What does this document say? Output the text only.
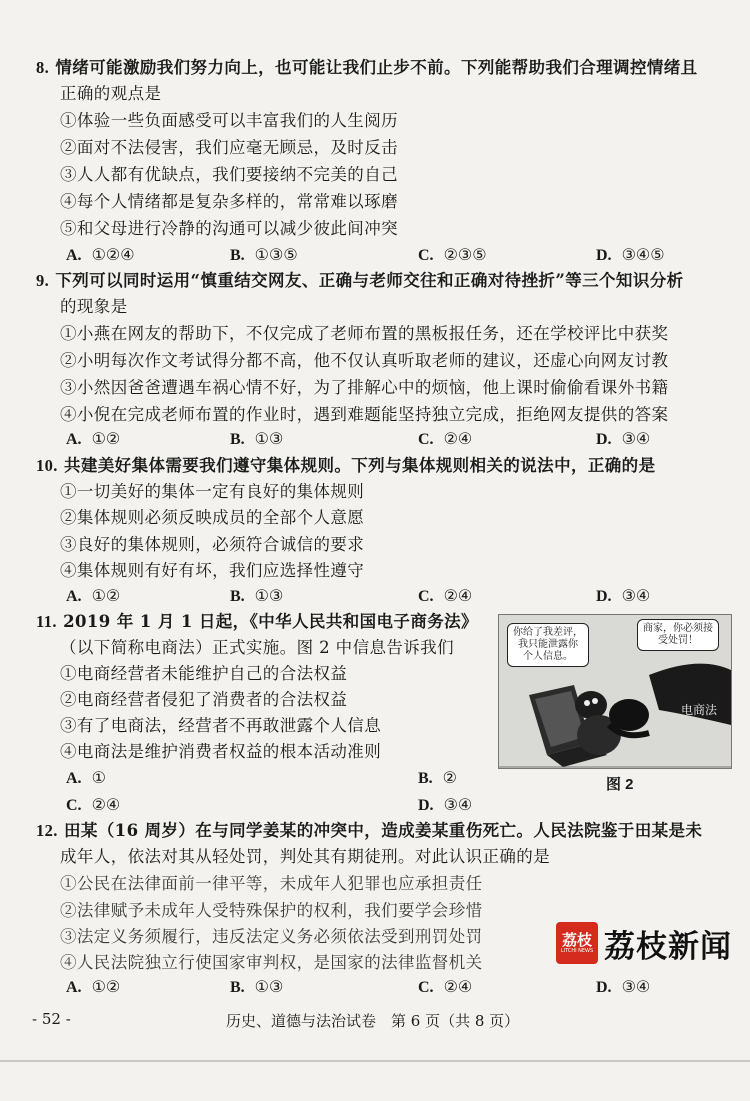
8. 情绪可能激励我们努力向上，也可能让我们止步不前。下列能帮助我们合理调控情绪且
正确的观点是
①体验一些负面感受可以丰富我们的人生阅历
②面对不法侵害，我们应毫无顾忌，及时反击
③人人都有优缺点，我们要接纳不完美的自己
④每个人情绪都是复杂多样的，常常难以琢磨
⑤和父母进行冷静的沟通可以减少彼此间冲突
A. ①②④	B. ①③⑤	C. ②③⑤	D. ③④⑤
9. 下列可以同时运用“慎重结交网友、正确与老师交往和正确对待挫折”等三个知识分析
的现象是
①小燕在网友的帮助下，不仅完成了老师布置的黑板报任务，还在学校评比中获奖
②小明每次作文考试得分都不高，他不仅认真听取老师的建议，还虚心向网友讨教
③小然因爸爸遭遇车祸心情不好，为了排解心中的烦恼，他上课时偷偷看课外书籍
④小倪在完成老师布置的作业时，遇到难题能坚持独立完成，拒绝网友提供的答案
A. ①②	B. ①③	C. ②④	D. ③④
10. 共建美好集体需要我们遵守集体规则。下列与集体规则相关的说法中，正确的是
①一切美好的集体一定有良好的集体规则
②集体规则必须反映成员的全部个人意愿
③良好的集体规则，必须符合诚信的要求
④集体规则有好有坏，我们应选择性遵守
A. ①②	B. ①③	C. ②④	D. ③④
11. 2019 年 1 月 1 日起，《中华人民共和国电子商务法》
（以下简称电商法）正式实施。图 2 中信息告诉我们
①电商经营者未能维护自己的合法权益
②电商经营者侵犯了消费者的合法权益
③有了电商法，经营者不再敢泄露个人信息
④电商法是维护消费者权益的根本活动准则
A. ①	B. ②
C. ②④	D. ③④
你给了我差评，
我只能泄露你
个人信息。
商家，你必须接
受处罚！
电商法
图 2
12. 田某（16 周岁）在与同学姜某的冲突中，造成姜某重伤死亡。人民法院鉴于田某是未
成年人，依法对其从轻处罚，判处其有期徒刑。对此认识正确的是
①公民在法律面前一律平等，未成年人犯罪也应承担责任
②法律赋予未成年人受特殊保护的权利，我们要学会珍惜
③法定义务须履行，违反法定义务必须依法受到刑罚处罚
④人民法院独立行使国家审判权，是国家的法律监督机关
A. ①②	B. ①③	C. ②④	D. ③④
荔枝
LITCHI NEWS 荔枝新闻
- 52 -	历史、道德与法治试卷　第 6 页（共 8 页）
